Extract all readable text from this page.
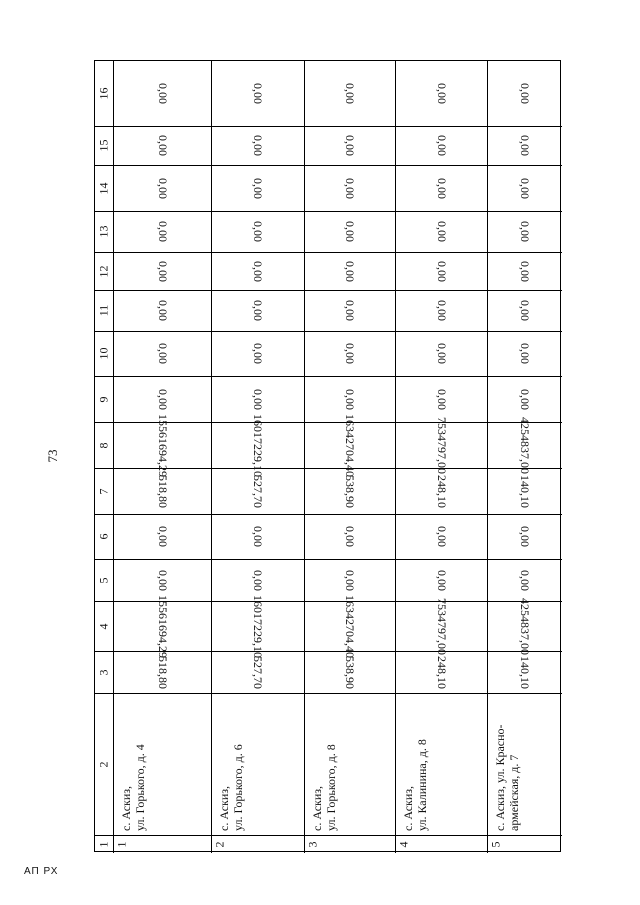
73
АП РХ
1
2
3
4
5
6
7
8
9
10
11
12
13
14
15
16
1
с. Аскиз, ул. Горького, д. 4
518,80
15561694,29
0,00
0,00
518,80
15561694,29
0,00
0,00
0,00
0,00
0,00
0,00
0,00
0,00
2
с. Аскиз, ул. Горького, д. 6
527,70
16017229,10
0,00
0,00
527,70
16017229,10
0,00
0,00
0,00
0,00
0,00
0,00
0,00
0,00
3
с. Аскиз, ул. Горького, д. 8
538,90
16342704,40
0,00
0,00
538,90
16342704,40
0,00
0,00
0,00
0,00
0,00
0,00
0,00
0,00
4
с. Аскиз, ул. Калинина, д. 8
248,10
7534797,00
0,00
0,00
248,10
7534797,00
0,00
0,00
0,00
0,00
0,00
0,00
0,00
0,00
5
с. Аскиз, ул. Красно- армейская, д. 7
140,10
4254837,00
0,00
0,00
140,10
4254837,00
0,00
0,00
0,00
0,00
0,00
0,00
0,00
0,00
